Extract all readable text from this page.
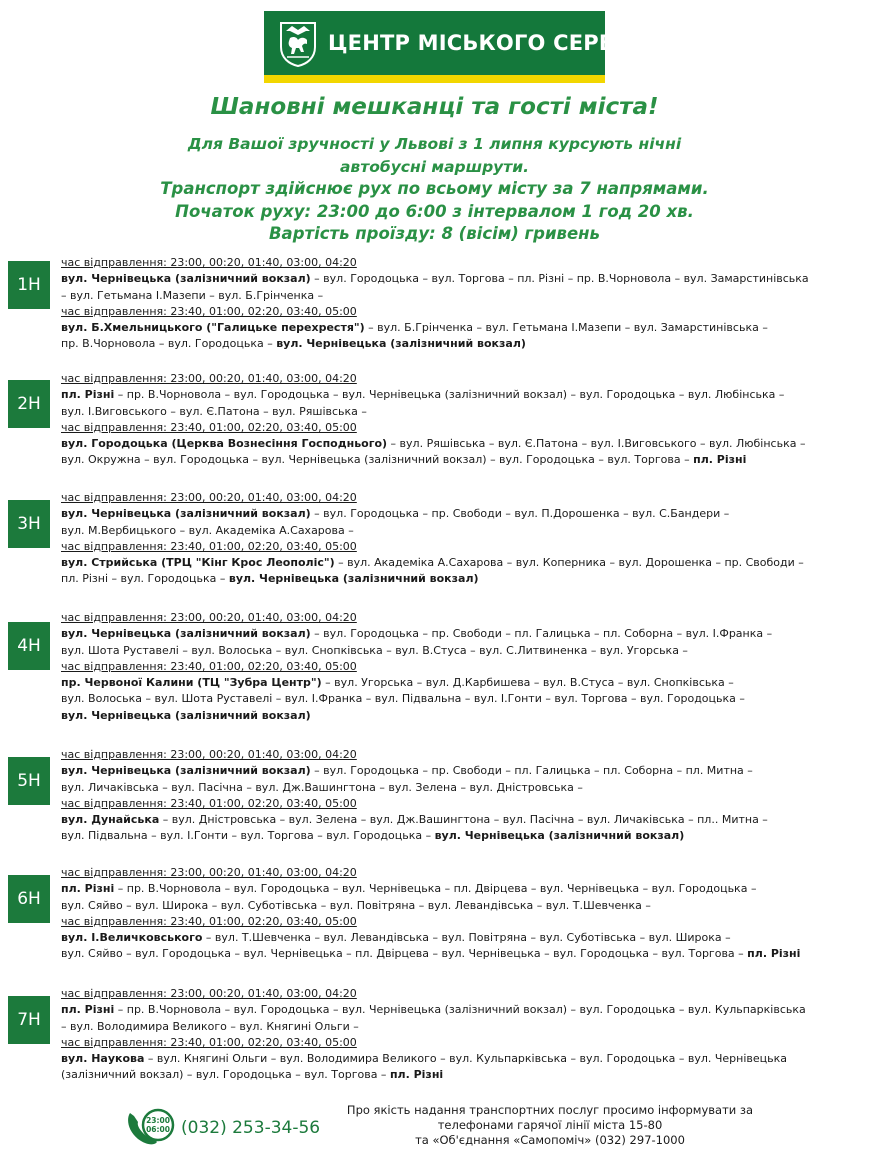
ЦЕНТР МІСЬКОГО СЕРВІСУ
Шановні мешканці та гості міста!
Для Вашої зручності у Львові з 1 липня курсують нічні
автобусні маршрути.
Транспорт здійснює рух по всьому місту за 7 напрямами.
Початок руху: 23:00 до 6:00 з інтервалом 1 год 20 хв.
Вартість проїзду: 8 (вісім) гривень
1Н
час відправлення: 23:00, 00:20, 01:40, 03:00, 04:20
вул. Чернівецька (залізничний вокзал) – вул. Городоцька – вул. Торгова – пл. Різні – пр. В.Чорновола – вул. Замарстинівська
– вул. Гетьмана І.Мазепи – вул. Б.Грінченка –
час відправлення: 23:40, 01:00, 02:20, 03:40, 05:00
вул. Б.Хмельницького ("Галицьке перехрестя") – вул. Б.Грінченка – вул. Гетьмана І.Мазепи – вул. Замарстинівська –
пр. В.Чорновола – вул. Городоцька – вул. Чернівецька (залізничний вокзал)
2Н
час відправлення: 23:00, 00:20, 01:40, 03:00, 04:20
пл. Різні – пр. В.Чорновола – вул. Городоцька – вул. Чернівецька (залізничний вокзал) – вул. Городоцька – вул. Любінська –
вул. І.Виговського – вул. Є.Патона – вул. Ряшівська –
час відправлення: 23:40, 01:00, 02:20, 03:40, 05:00
вул. Городоцька (Церква Вознесіння Господнього) – вул. Ряшівська – вул. Є.Патона – вул. І.Виговського – вул. Любінська –
вул. Окружна – вул. Городоцька – вул. Чернівецька (залізничний вокзал) – вул. Городоцька – вул. Торгова – пл. Різні
3Н
час відправлення: 23:00, 00:20, 01:40, 03:00, 04:20
вул. Чернівецька (залізничний вокзал) – вул. Городоцька – пр. Свободи – вул. П.Дорошенка – вул. С.Бандери –
вул. М.Вербицького – вул. Академіка А.Сахарова –
час відправлення: 23:40, 01:00, 02:20, 03:40, 05:00
вул. Стрийська (ТРЦ "Кінг Крос Леополіс") – вул. Академіка А.Сахарова – вул. Коперника – вул. Дорошенка – пр. Свободи –
пл. Різні – вул. Городоцька – вул. Чернівецька (залізничний вокзал)
4Н
час відправлення: 23:00, 00:20, 01:40, 03:00, 04:20
вул. Чернівецька (залізничний вокзал) – вул. Городоцька – пр. Свободи – пл. Галицька – пл. Соборна – вул. І.Франка –
вул. Шота Руставелі – вул. Волоська – вул. Снопківська – вул. В.Стуса – вул. С.Литвиненка – вул. Угорська –
час відправлення: 23:40, 01:00, 02:20, 03:40, 05:00
пр. Червоної Калини (ТЦ "Зубра Центр") – вул. Угорська – вул. Д.Карбишева – вул. В.Стуса – вул. Снопківська –
вул. Волоська – вул. Шота Руставелі – вул. І.Франка – вул. Підвальна – вул. І.Гонти – вул. Торгова – вул. Городоцька –
вул. Чернівецька (залізничний вокзал)
5Н
час відправлення: 23:00, 00:20, 01:40, 03:00, 04:20
вул. Чернівецька (залізничний вокзал) – вул. Городоцька – пр. Свободи – пл. Галицька – пл. Соборна – пл. Митна –
вул. Личаківська – вул. Пасічна – вул. Дж.Вашингтона – вул. Зелена – вул. Дністровська –
час відправлення: 23:40, 01:00, 02:20, 03:40, 05:00
вул. Дунайська – вул. Дністровська – вул. Зелена – вул. Дж.Вашингтона – вул. Пасічна – вул. Личаківська – пл.. Митна –
вул. Підвальна – вул. І.Гонти – вул. Торгова – вул. Городоцька – вул. Чернівецька (залізничний вокзал)
6Н
час відправлення: 23:00, 00:20, 01:40, 03:00, 04:20
пл. Різні – пр. В.Чорновола – вул. Городоцька – вул. Чернівецька – пл. Двірцева – вул. Чернівецька – вул. Городоцька –
вул. Сяйво – вул. Широка – вул. Суботівська – вул. Повітряна – вул. Левандівська – вул. Т.Шевченка –
час відправлення: 23:40, 01:00, 02:20, 03:40, 05:00
вул. І.Величковського – вул. Т.Шевченка – вул. Левандівська – вул. Повітряна – вул. Суботівська – вул. Широка –
вул. Сяйво – вул. Городоцька – вул. Чернівецька – пл. Двірцева – вул. Чернівецька – вул. Городоцька – вул. Торгова – пл. Різні
7Н
час відправлення: 23:00, 00:20, 01:40, 03:00, 04:20
пл. Різні – пр. В.Чорновола – вул. Городоцька – вул. Чернівецька (залізничний вокзал) – вул. Городоцька – вул. Кульпарківська
– вул. Володимира Великого – вул. Княгині Ольги –
час відправлення: 23:40, 01:00, 02:20, 03:40, 05:00
вул. Наукова – вул. Княгині Ольги – вул. Володимира Великого – вул. Кульпарківська – вул. Городоцька – вул. Чернівецька
(залізничний вокзал) – вул. Городоцька – вул. Торгова – пл. Різні
23:00
06:00 (032) 253-34-56
Про якість надання транспортних послуг просимо інформувати за
телефонами гарячої лінії міста 15-80
та «Об'єднання «Самопоміч» (032) 297-1000
